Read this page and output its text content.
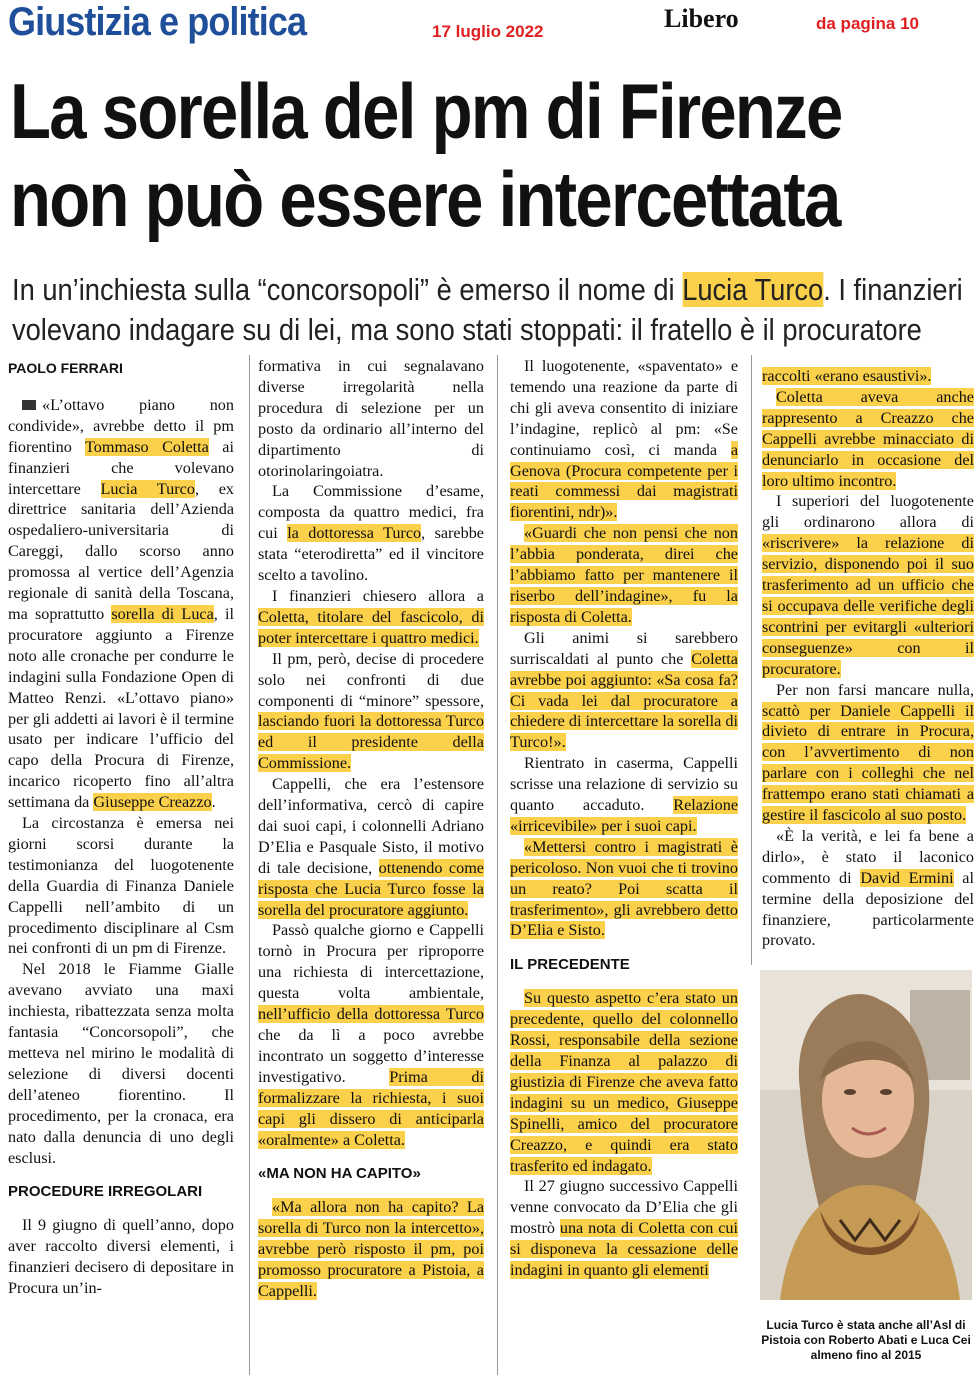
Giustizia e politica	17 luglio 2022	Libero	da pagina 10
La sorella del pm di Firenze
non può essere intercettata
In un’inchiesta sulla “concorsopoli” è emerso il nome di Lucia Turco. I finanzieri
volevano indagare su di lei, ma sono stati stoppati: il fratello è il procuratore
PAOLO FERRARI

«L’ottavo piano non condivide», avrebbe detto il pm fiorentino Tommaso Coletta ai finanzieri che volevano intercettare Lucia Turco, ex direttrice sanitaria dell’Azienda ospedaliero-universitaria di Careggi, dallo scorso anno promossa al vertice dell’Agenzia regionale di sanità della Toscana, ma soprattutto sorella di Luca, il procuratore aggiunto a Firenze noto alle cronache per condurre le indagini sulla Fondazione Open di Matteo Renzi. «L’ottavo piano» per gli addetti ai lavori è il termine usato per indicare l’ufficio del capo della Procura di Firenze, incarico ricoperto fino all’altra settimana da Giuseppe Creazzo.

La circostanza è emersa nei giorni scorsi durante la testimonianza del luogotenente della Guardia di Finanza Daniele Cappelli nell’ambito di un procedimento disciplinare al Csm nei confronti di un pm di Firenze.

Nel 2018 le Fiamme Gialle avevano avviato una maxi inchiesta, ribattezzata senza molta fantasia “Concorsopoli”, che metteva nel mirino le modalità di selezione di diversi docenti dell’ateneo fiorentino. Il procedimento, per la cronaca, era nato dalla denuncia di uno degli esclusi.

PROCEDURE IRREGOLARI

Il 9 giugno di quell’anno, dopo aver raccolto diversi elementi, i finanzieri decisero di depositare in Procura un’in-

formativa in cui segnalavano diverse irregolarità nella procedura di selezione per un posto da ordinario all’interno del dipartimento di otorinolaringoiatra.

La Commissione d’esame, composta da quattro medici, fra cui la dottoressa Turco, sarebbe stata “eterodiretta” ed il vincitore scelto a tavolino.

I finanzieri chiesero allora a Coletta, titolare del fascicolo, di poter intercettare i quattro medici.

Il pm, però, decise di procedere solo nei confronti di due componenti di “minore” spessore, lasciando fuori la dottoressa Turco ed il presidente della Commissione.

Cappelli, che era l’estensore dell’informativa, cercò di capire dai suoi capi, i colonnelli Adriano D’Elia e Pasquale Sisto, il motivo di tale decisione, ottenendo come risposta che Lucia Turco fosse la sorella del procuratore aggiunto.

Passò qualche giorno e Cappelli tornò in Procura per riproporre una richiesta di intercettazione, questa volta ambientale, nell’ufficio della dottoressa Turco che da lì a poco avrebbe incontrato un soggetto d’interesse investigativo. Prima di formalizzare la richiesta, i suoi capi gli dissero di anticiparla «oralmente» a Coletta.

«MA NON HA CAPITO»

«Ma allora non ha capito? La sorella di Turco non la intercetto», avrebbe però risposto il pm, poi promosso procuratore a Pistoia, a Cappelli.

Il luogotenente, «spaventato» e temendo una reazione da parte di chi gli aveva consentito di iniziare l’indagine, replicò al pm: «Se continuiamo così, ci manda a Genova (Procura competente per i reati commessi dai magistrati fiorentini, ndr)».

«Guardi che non pensi che non l’abbia ponderata, direi che l’abbiamo fatto per mantenere il riserbo dell’indagine», fu la risposta di Coletta.

Gli animi si sarebbero surriscaldati al punto che Coletta avrebbe poi aggiunto: «Sa cosa fa? Ci vada lei dal procuratore a chiedere di intercettare la sorella di Turco!».

Rientrato in caserma, Cappelli scrisse una relazione di servizio su quanto accaduto. Relazione «irricevibile» per i suoi capi.

«Mettersi contro i magistrati è pericoloso. Non vuoi che ti trovino un reato? Poi scatta il trasferimento», gli avrebbero detto D’Elia e Sisto.

IL PRECEDENTE

Su questo aspetto c’era stato un precedente, quello del colonnello Rossi, responsabile della sezione della Finanza al palazzo di giustizia di Firenze che aveva fatto indagini su un medico, Giuseppe Spinelli, amico del procuratore Creazzo, e quindi era stato trasferito ed indagato.

Il 27 giugno successivo Cappelli venne convocato da D’Elia che gli mostrò una nota di Coletta con cui si disponeva la cessazione delle indagini in quanto gli elementi

raccolti «erano esaustivi».

Coletta aveva anche rappresento a Creazzo che Cappelli avrebbe minacciato di denunciarlo in occasione del loro ultimo incontro.

I superiori del luogotenente gli ordinarono allora di «riscrivere» la relazione di servizio, disponendo poi il suo trasferimento ad un ufficio che si occupava delle verifiche degli scontrini per evitargli «ulteriori conseguenze» con il procuratore.

Per non farsi mancare nulla, scattò per Daniele Cappelli il divieto di entrare in Procura, con l’avvertimento di non parlare con i colleghi che nel frattempo erano stati chiamati a gestire il fascicolo al suo posto.

«È la verità, e lei fa bene a dirlo», è stato il laconico commento di David Ermini al termine della deposizione del finanziere, particolarmente provato.

Lucia Turco è stata anche all’Asl di Pistoia con Roberto Abati e Luca Cei almeno fino al 2015
